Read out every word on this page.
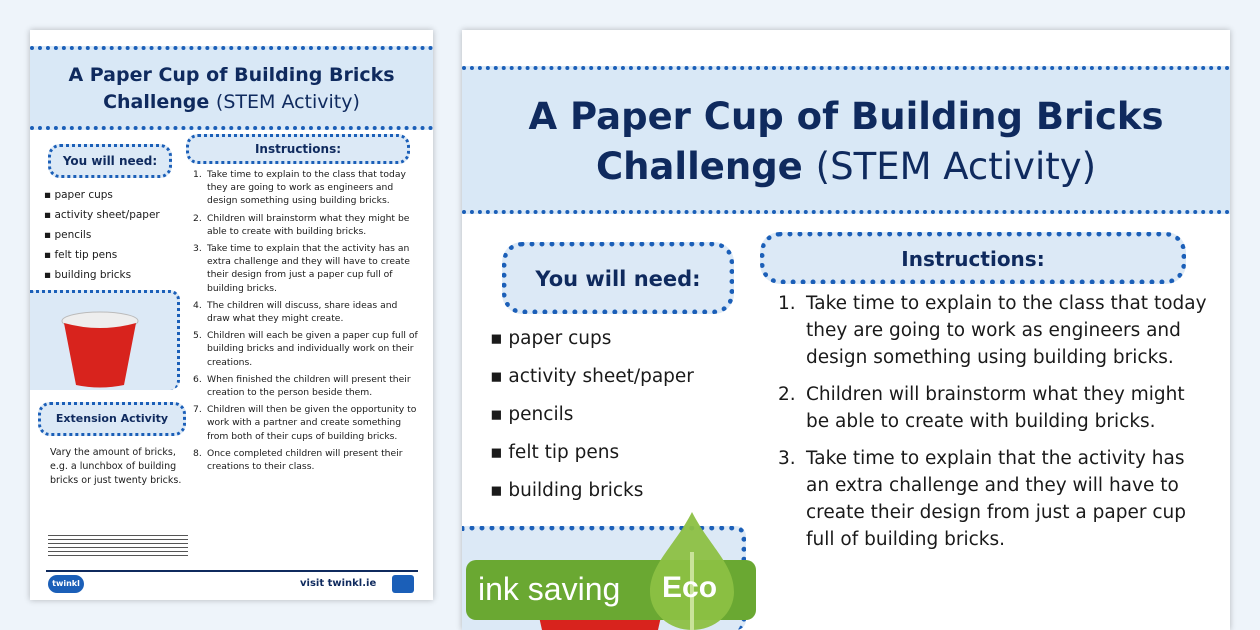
A Paper Cup of Building Bricks
Challenge (STEM Activity)
You will need:
▪ paper cups
▪ activity sheet/paper
▪ pencils
▪ felt tip pens
▪ building bricks
Instructions:
1. Take time to explain to the class that today they are going to work as engineers and design something using building bricks.
2. Children will brainstorm what they might be able to create with building bricks.
3. Take time to explain that the activity has an extra challenge and they will have to create their design from just a paper cup full of building bricks.
4. The children will discuss, share ideas and draw what they might create.
5. Children will each be given a paper cup full of building bricks and individually work on their creations.
6. When finished the children will present their creation to the person beside them.
7. Children will then be given the opportunity to work with a partner and create something from both of their cups of building bricks.
8. Once completed children will present their creations to their class.
Extension Activity
Vary the amount of bricks, e.g. a lunchbox of building bricks or just twenty bricks.
twinkl	visit twinkl.ie
A Paper Cup of Building Bricks
Challenge (STEM Activity)
You will need:
▪ paper cups
▪ activity sheet/paper
▪ pencils
▪ felt tip pens
▪ building bricks
Instructions:
1. Take time to explain to the class that today they are going to work as engineers and design something using building bricks.
2. Children will brainstorm what they might be able to create with building bricks.
3. Take time to explain that the activity has an extra challenge and they will have to create their design from just a paper cup full of building bricks.
ink saving Eco
